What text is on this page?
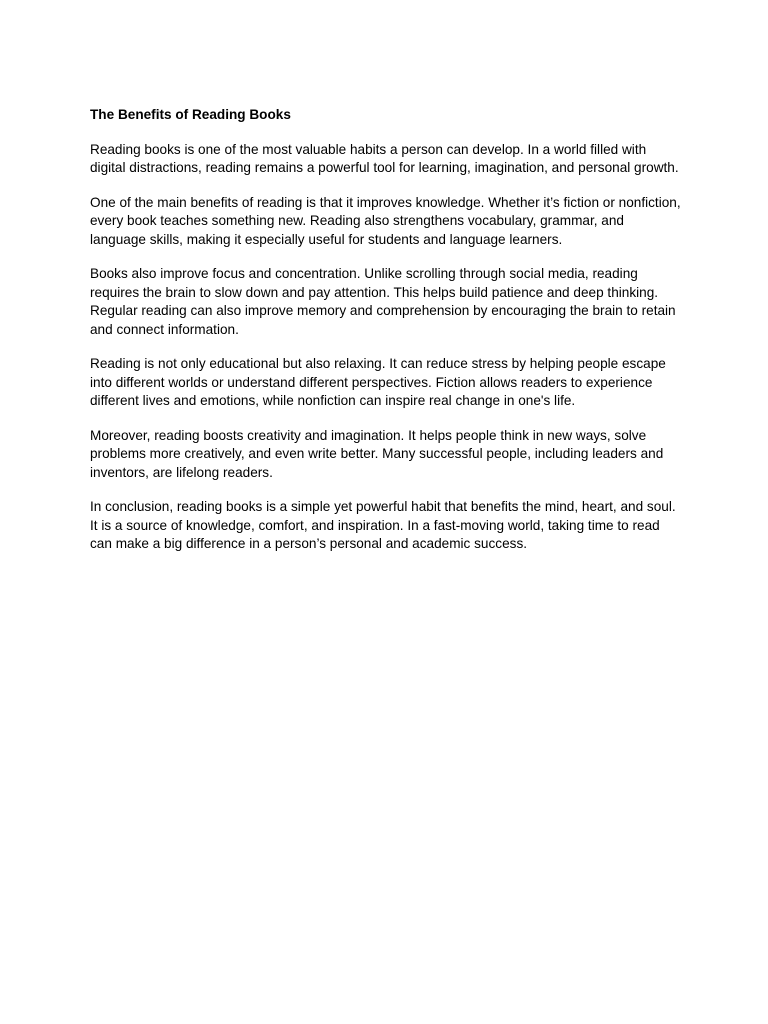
The Benefits of Reading Books

Reading books is one of the most valuable habits a person can develop. In a world filled with digital distractions, reading remains a powerful tool for learning, imagination, and personal growth.

One of the main benefits of reading is that it improves knowledge. Whether it’s fiction or nonfiction, every book teaches something new. Reading also strengthens vocabulary, grammar, and language skills, making it especially useful for students and language learners.

Books also improve focus and concentration. Unlike scrolling through social media, reading requires the brain to slow down and pay attention. This helps build patience and deep thinking. Regular reading can also improve memory and comprehension by encouraging the brain to retain and connect information.

Reading is not only educational but also relaxing. It can reduce stress by helping people escape into different worlds or understand different perspectives. Fiction allows readers to experience different lives and emotions, while nonfiction can inspire real change in one's life.

Moreover, reading boosts creativity and imagination. It helps people think in new ways, solve problems more creatively, and even write better. Many successful people, including leaders and inventors, are lifelong readers.

In conclusion, reading books is a simple yet powerful habit that benefits the mind, heart, and soul. It is a source of knowledge, comfort, and inspiration. In a fast-moving world, taking time to read can make a big difference in a person’s personal and academic success.
